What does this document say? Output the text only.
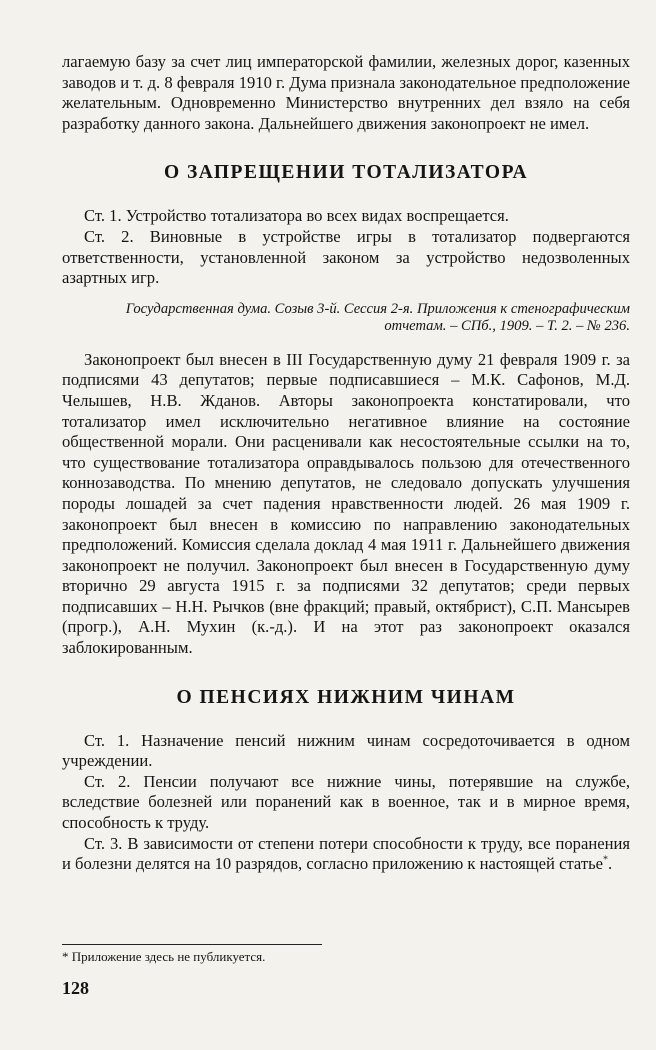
лагаемую базу за счет лиц императорской фамилии, железных дорог, казенных заводов и т. д. 8 февраля 1910 г. Дума признала законодательное предположение желательным. Одновременно Министерство внутренних дел взяло на себя разработку данного закона. Дальнейшего движения законопроект не имел.

О ЗАПРЕЩЕНИИ ТОТАЛИЗАТОРА

Ст. 1. Устройство тотализатора во всех видах воспрещается.

Ст. 2. Виновные в устройстве игры в тотализатор подвергаются ответственности, установленной законом за устройство недозволенных азартных игр.

Государственная дума. Созыв 3-й. Сессия 2-я. Приложения к стенографическим отчетам. – СПб., 1909. – Т. 2. – № 236.

Законопроект был внесен в III Государственную думу 21 февраля 1909 г. за подписями 43 депутатов; первые подписавшиеся – М.К. Сафонов, М.Д. Челышев, Н.В. Жданов. Авторы законопроекта констатировали, что тотализатор имел исключительно негативное влияние на состояние общественной морали. Они расценивали как несостоятельные ссылки на то, что существование тотализатора оправдывалось пользою для отечественного коннозаводства. По мнению депутатов, не следовало допускать улучшения породы лошадей за счет падения нравственности людей. 26 мая 1909 г. законопроект был внесен в комиссию по направлению законодательных предположений. Комиссия сделала доклад 4 мая 1911 г. Дальнейшего движения законопроект не получил. Законопроект был внесен в Государственную думу вторично 29 августа 1915 г. за подписями 32 депутатов; среди первых подписавших – Н.Н. Рычков (вне фракций; правый, октябрист), С.П. Мансырев (прогр.), А.Н. Мухин (к.-д.). И на этот раз законопроект оказался заблокированным.

О ПЕНСИЯХ НИЖНИМ ЧИНАМ

Ст. 1. Назначение пенсий нижним чинам сосредоточивается в одном учреждении.

Ст. 2. Пенсии получают все нижние чины, потерявшие на службе, вследствие болезней или поранений как в военное, так и в мирное время, способность к труду.

Ст. 3. В зависимости от степени потери способности к труду, все поранения и болезни делятся на 10 разрядов, согласно приложению к настоящей статье*.

* Приложение здесь не публикуется.
128
